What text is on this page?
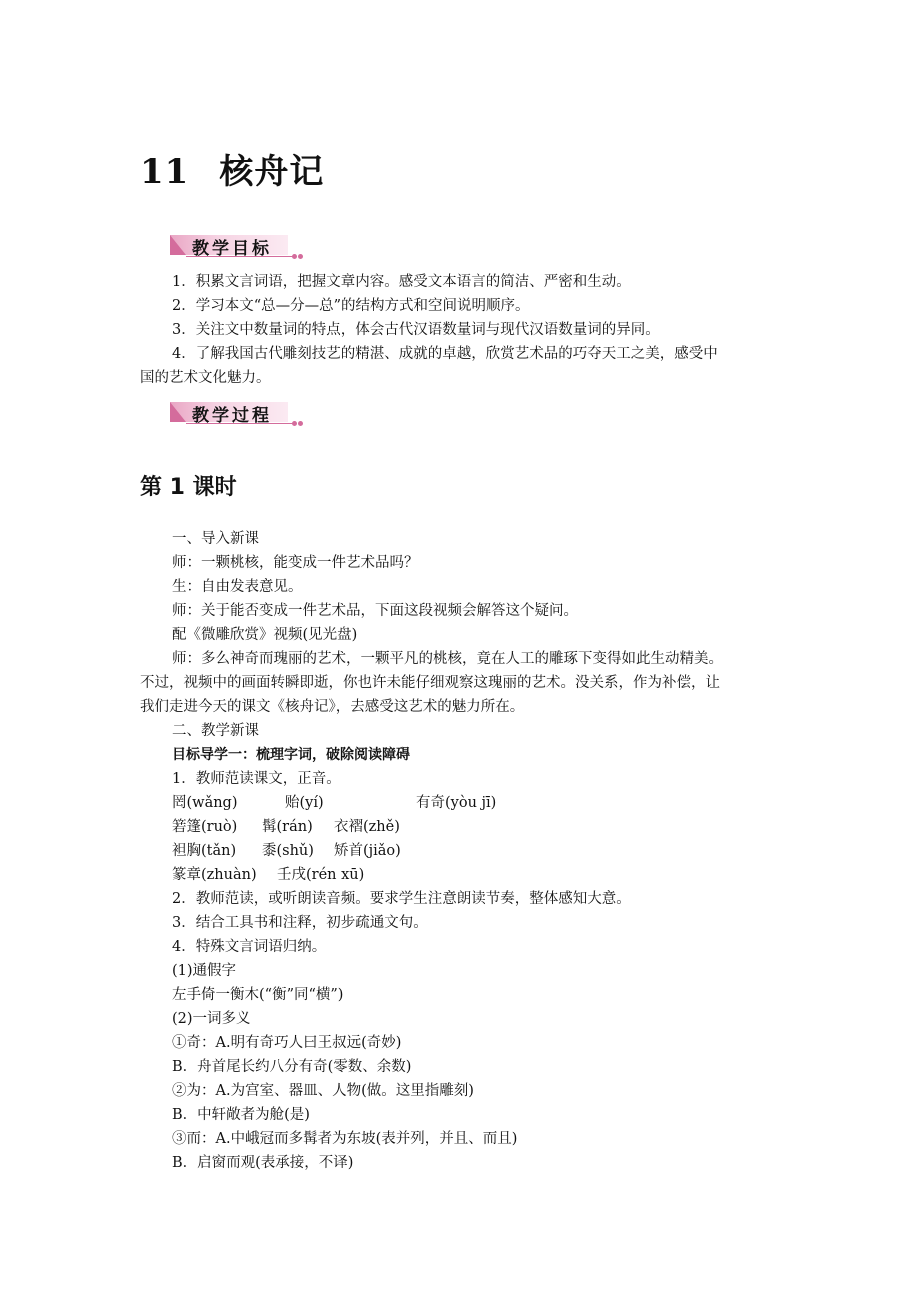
11 核舟记
教学目标
1．积累文言词语，把握文章内容。感受文本语言的简洁、严密和生动。
2．学习本文“总—分—总”的结构方式和空间说明顺序。
3．关注文中数量词的特点，体会古代汉语数量词与现代汉语数量词的异同。
4．了解我国古代雕刻技艺的精湛、成就的卓越，欣赏艺术品的巧夺天工之美，感受中
国的艺术文化魅力。
教学过程
第 1 课时
一、导入新课
师：一颗桃核，能变成一件艺术品吗？
生：自由发表意见。
师：关于能否变成一件艺术品，下面这段视频会解答这个疑问。
配《微雕欣赏》视频(见光盘)
师：多么神奇而瑰丽的艺术，一颗平凡的桃核，竟在人工的雕琢下变得如此生动精美。
不过，视频中的画面转瞬即逝，你也许未能仔细观察这瑰丽的艺术。没关系，作为补偿，让
我们走进今天的课文《核舟记》，去感受这艺术的魅力所在。
二、教学新课
目标导学一：梳理字词，破除阅读障碍
1．教师范读课文，正音。
罔(wǎng)	贻(yí)	有奇(yòu jī)
箬篷(ruò) 髯(rán) 衣褶(zhě)
袒胸(tǎn) 黍(shǔ) 矫首(jiǎo)
篆章(zhuàn) 壬戌(rén xū)
2．教师范读，或听朗读音频。要求学生注意朗读节奏，整体感知大意。
3．结合工具书和注释，初步疏通文句。
4．特殊文言词语归纳。
(1)通假字
左手倚一衡木(“衡”同“横”)
(2)一词多义
①奇：A.明有奇巧人曰王叔远(奇妙)
B．舟首尾长约八分有奇(零数、余数)
②为：A.为宫室、器皿、人物(做。这里指雕刻)
B．中轩敞者为舱(是)
③而：A.中峨冠而多髯者为东坡(表并列，并且、而且)
B．启窗而观(表承接，不译)
